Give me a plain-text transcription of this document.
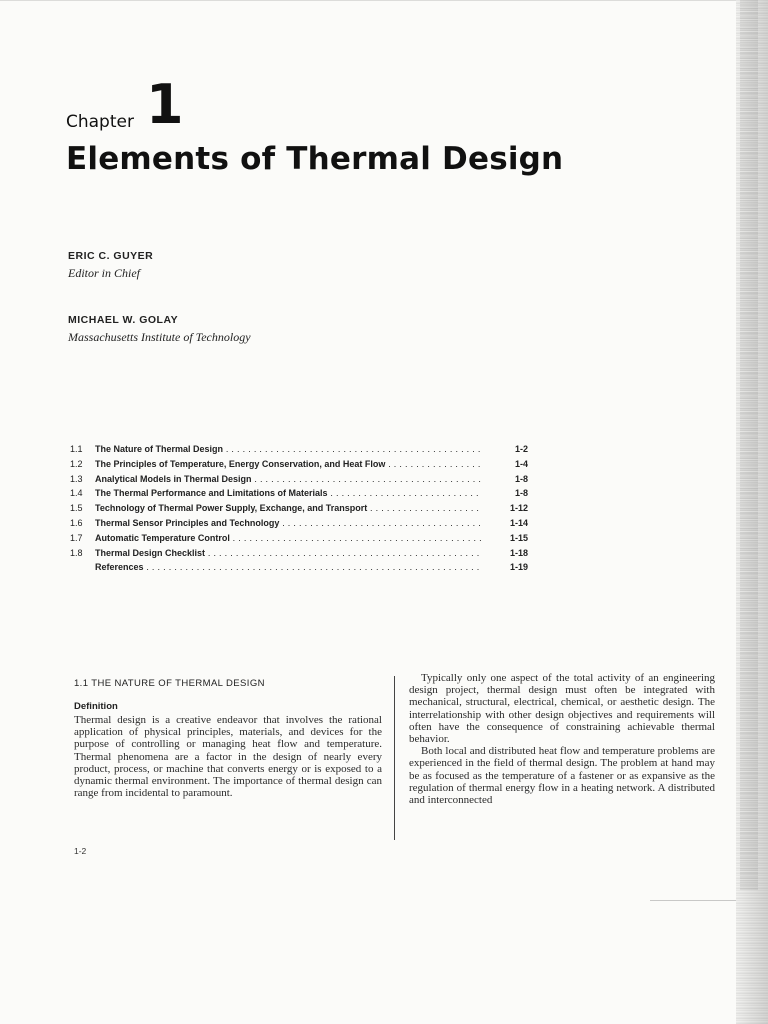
Chapter 1
Elements of Thermal Design
ERIC C. GUYER
Editor in Chief
MICHAEL W. GOLAY
Massachusetts Institute of Technology
1.1	The Nature of Thermal Design . . .	1-2
1.2	The Principles of Temperature, Energy Conservation, and Heat Flow . . .	1-4
1.3	Analytical Models in Thermal Design . . .	1-8
1.4	The Thermal Performance and Limitations of Materials . . .	1-8
1.5	Technology of Thermal Power Supply, Exchange, and Transport . . .	1-12
1.6	Thermal Sensor Principles and Technology . . .	1-14
1.7	Automatic Temperature Control . . .	1-15
1.8	Thermal Design Checklist . . .	1-18
References . . .	1-19
1.1 THE NATURE OF THERMAL DESIGN
Definition

Thermal design is a creative endeavor that involves the rational application of physical principles, materials, and devices for the purpose of controlling or managing heat flow and temperature. Thermal phenomena are a factor in the design of nearly every product, process, or machine that converts energy or is exposed to a dynamic thermal environment. The importance of thermal design can range from incidental to paramount.

Typically only one aspect of the total activity of an engineering design project, thermal design must often be integrated with mechanical, structural, electrical, chemical, or aesthetic design. The interrelationship with other design objectives and requirements will often have the consequence of constraining achievable thermal behavior.

Both local and distributed heat flow and temperature problems are experienced in the field of thermal design. The problem at hand may be as focused as the temperature of a fastener or as expansive as the regulation of thermal energy flow in a heating network. A distributed and interconnected

1-2
